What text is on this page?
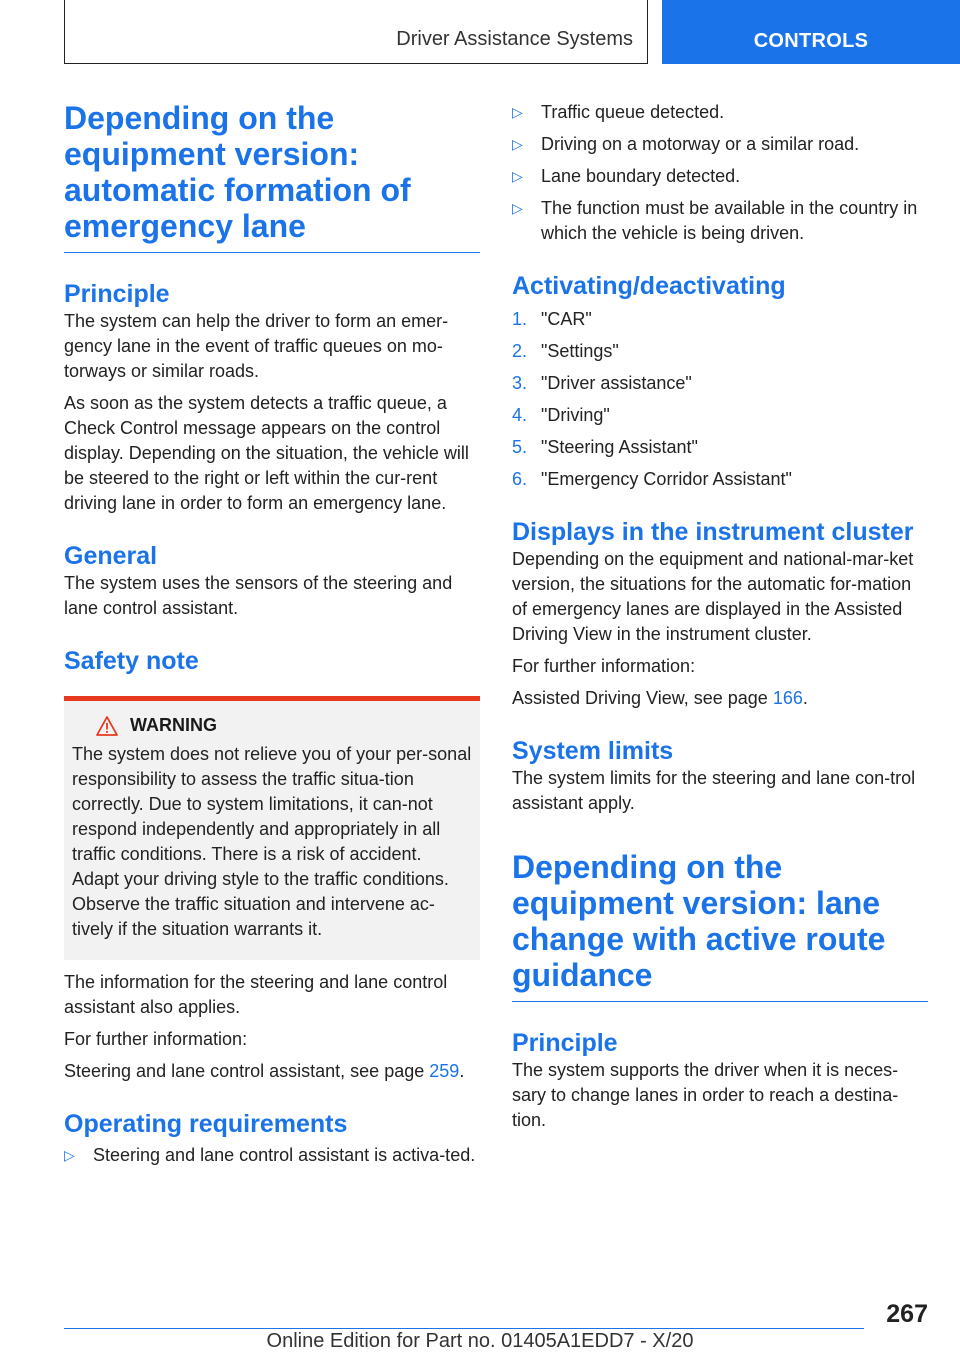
Driver Assistance Systems	CONTROLS
Depending on the equipment version: automatic formation of emergency lane
Principle

The system can help the driver to form an emer-gency lane in the event of traffic queues on mo-torways or similar roads.

As soon as the system detects a traffic queue, a Check Control message appears on the control display. Depending on the situation, the vehicle will be steered to the right or left within the cur-rent driving lane in order to form an emergency lane.

General

The system uses the sensors of the steering and lane control assistant.

Safety note
WARNING

The system does not relieve you of your per-sonal responsibility to assess the traffic situa-tion correctly. Due to system limitations, it can-not respond independently and appropriately in all traffic conditions. There is a risk of accident. Adapt your driving style to the traffic conditions. Observe the traffic situation and intervene ac-tively if the situation warrants it.

The information for the steering and lane control assistant also applies.

For further information:

Steering and lane control assistant, see page 259.

Operating requirements
▷ Steering and lane control assistant is activa-ted.
▷ Traffic queue detected.
▷ Driving on a motorway or a similar road.
▷ Lane boundary detected.
▷ The function must be available in the country in which the vehicle is being driven.
Activating/deactivating
1. "CAR"
2. "Settings"
3. "Driver assistance"
4. "Driving"
5. "Steering Assistant"
6. "Emergency Corridor Assistant"
Displays in the instrument cluster

Depending on the equipment and national-mar-ket version, the situations for the automatic for-mation of emergency lanes are displayed in the Assisted Driving View in the instrument cluster.

For further information:

Assisted Driving View, see page 166.

System limits

The system limits for the steering and lane con-trol assistant apply.

Depending on the equipment version: lane change with active route guidance
Principle

The system supports the driver when it is neces-sary to change lanes in order to reach a destina-tion.

267
Online Edition for Part no. 01405A1EDD7 - X/20
